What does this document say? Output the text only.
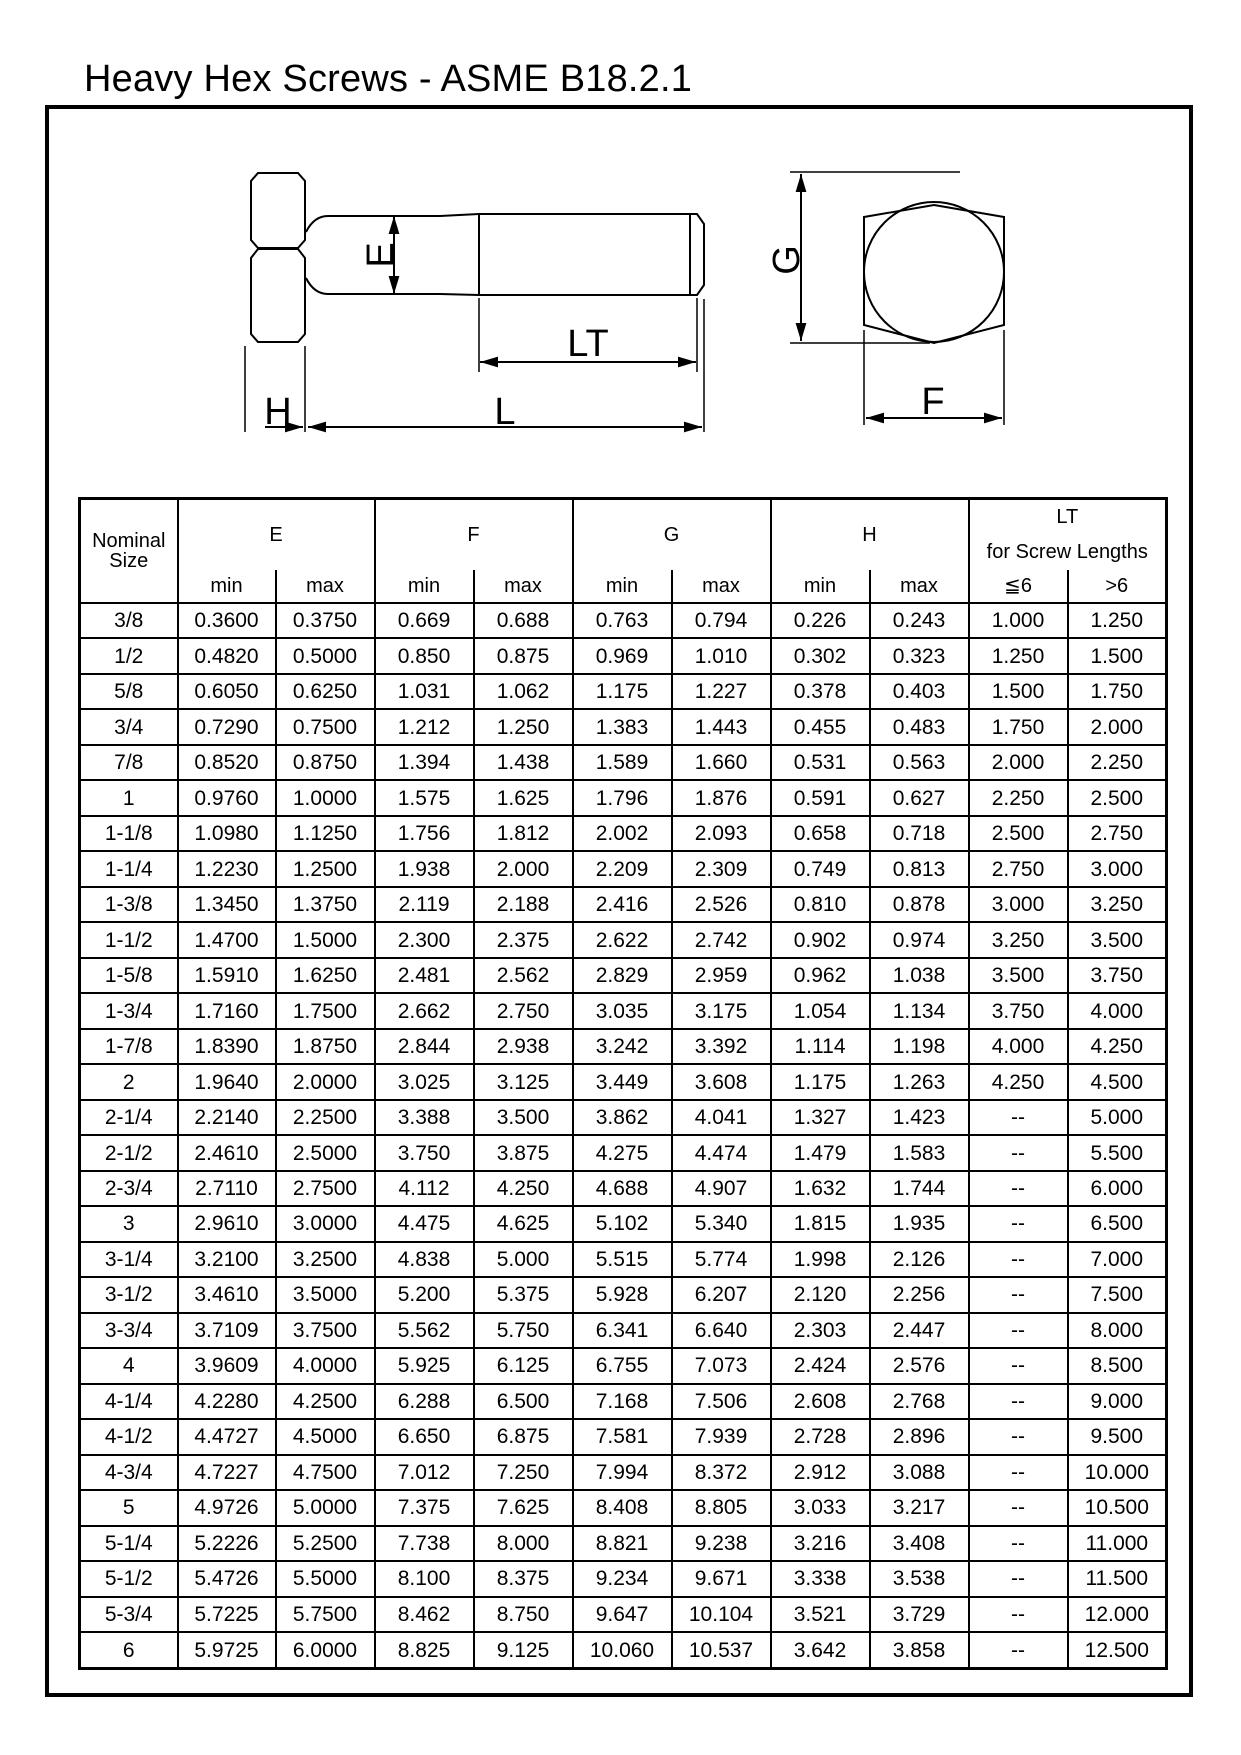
Heavy Hex Screws - ASME B18.2.1
E
LT
H	L
G
F
Nominal Size	E		F		G		H		LT
for Screw Lengths	

	min	max	min	max	min	max	min	max	≦6	>6
3/8	0.3600	0.3750	0.669	0.688	0.763	0.794	0.226	0.243	1.000	1.250
1/2	0.4820	0.5000	0.850	0.875	0.969	1.010	0.302	0.323	1.250	1.500
5/8	0.6050	0.6250	1.031	1.062	1.175	1.227	0.378	0.403	1.500	1.750
3/4	0.7290	0.7500	1.212	1.250	1.383	1.443	0.455	0.483	1.750	2.000
7/8	0.8520	0.8750	1.394	1.438	1.589	1.660	0.531	0.563	2.000	2.250
1	0.9760	1.0000	1.575	1.625	1.796	1.876	0.591	0.627	2.250	2.500
1-1/8	1.0980	1.1250	1.756	1.812	2.002	2.093	0.658	0.718	2.500	2.750
1-1/4	1.2230	1.2500	1.938	2.000	2.209	2.309	0.749	0.813	2.750	3.000
1-3/8	1.3450	1.3750	2.119	2.188	2.416	2.526	0.810	0.878	3.000	3.250
1-1/2	1.4700	1.5000	2.300	2.375	2.622	2.742	0.902	0.974	3.250	3.500
1-5/8	1.5910	1.6250	2.481	2.562	2.829	2.959	0.962	1.038	3.500	3.750
1-3/4	1.7160	1.7500	2.662	2.750	3.035	3.175	1.054	1.134	3.750	4.000
1-7/8	1.8390	1.8750	2.844	2.938	3.242	3.392	1.114	1.198	4.000	4.250
2	1.9640	2.0000	3.025	3.125	3.449	3.608	1.175	1.263	4.250	4.500
2-1/4	2.2140	2.2500	3.388	3.500	3.862	4.041	1.327	1.423	--	5.000
2-1/2	2.4610	2.5000	3.750	3.875	4.275	4.474	1.479	1.583	--	5.500
2-3/4	2.7110	2.7500	4.112	4.250	4.688	4.907	1.632	1.744	--	6.000
3	2.9610	3.0000	4.475	4.625	5.102	5.340	1.815	1.935	--	6.500
3-1/4	3.2100	3.2500	4.838	5.000	5.515	5.774	1.998	2.126	--	7.000
3-1/2	3.4610	3.5000	5.200	5.375	5.928	6.207	2.120	2.256	--	7.500
3-3/4	3.7109	3.7500	5.562	5.750	6.341	6.640	2.303	2.447	--	8.000
4	3.9609	4.0000	5.925	6.125	6.755	7.073	2.424	2.576	--	8.500
4-1/4	4.2280	4.2500	6.288	6.500	7.168	7.506	2.608	2.768	--	9.000
4-1/2	4.4727	4.5000	6.650	6.875	7.581	7.939	2.728	2.896	--	9.500
4-3/4	4.7227	4.7500	7.012	7.250	7.994	8.372	2.912	3.088	--	10.000
5	4.9726	5.0000	7.375	7.625	8.408	8.805	3.033	3.217	--	10.500
5-1/4	5.2226	5.2500	7.738	8.000	8.821	9.238	3.216	3.408	--	11.000
5-1/2	5.4726	5.5000	8.100	8.375	9.234	9.671	3.338	3.538	--	11.500
5-3/4	5.7225	5.7500	8.462	8.750	9.647	10.104	3.521	3.729	--	12.000
6	5.9725	6.0000	8.825	9.125	10.060	10.537	3.642	3.858	--	12.500
